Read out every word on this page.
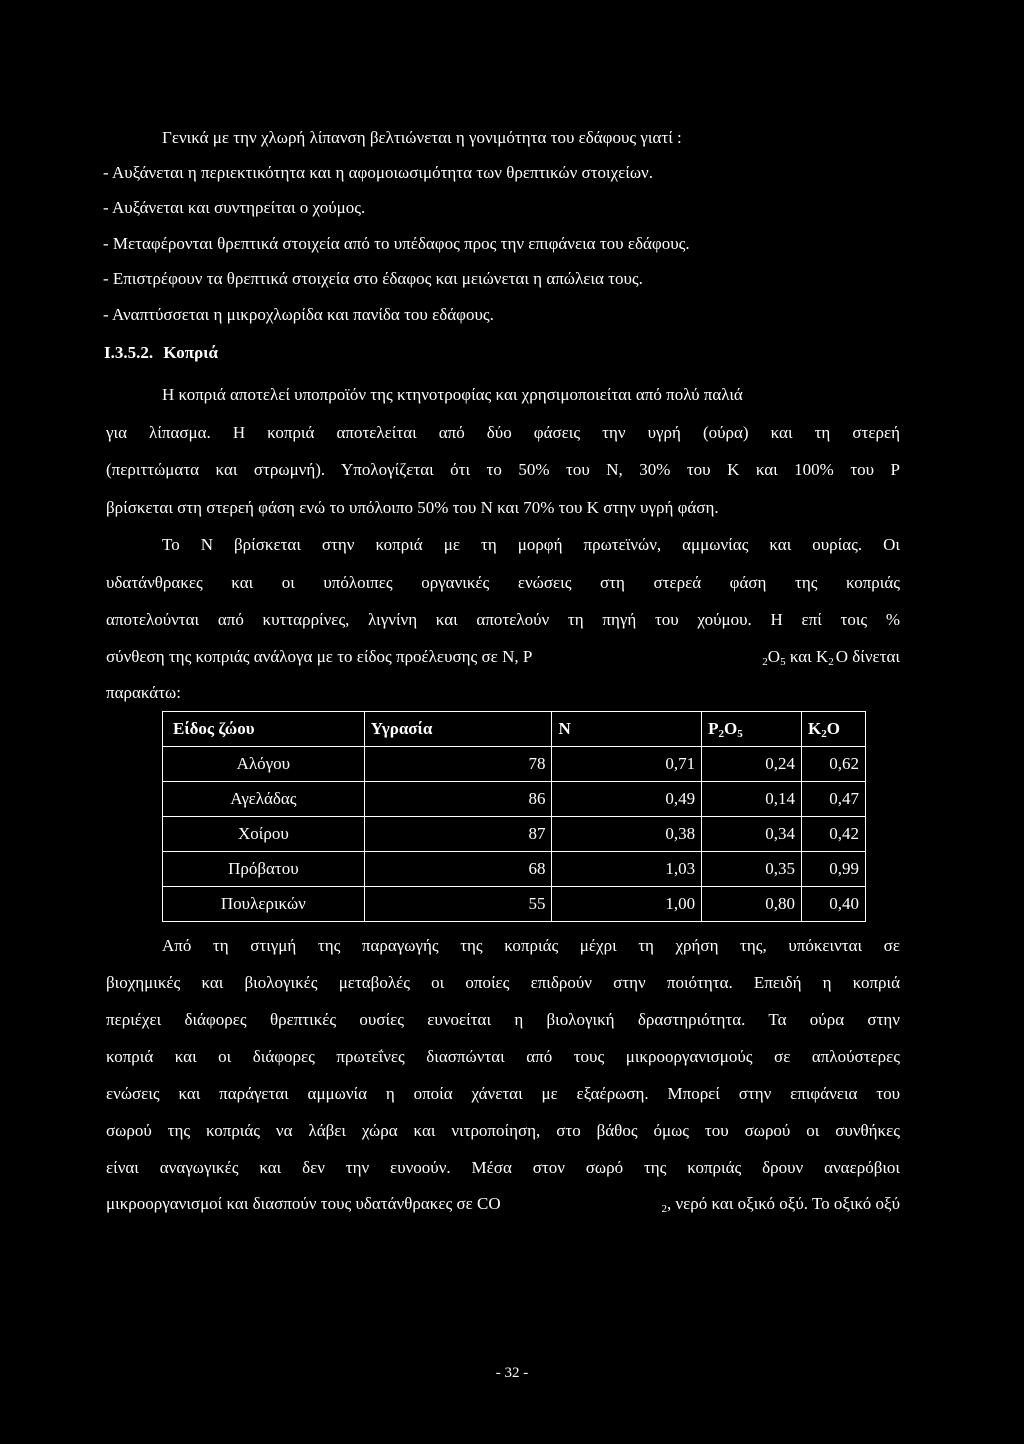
Γενικά με την χλωρή λίπανση βελτιώνεται η γονιμότητα του εδάφους γιατί :
- Αυξάνεται η περιεκτικότητα και η αφομοιωσιμότητα των θρεπτικών στοιχείων.
- Αυξάνεται και συντηρείται ο χούμος.
- Μεταφέρονται θρεπτικά στοιχεία από το υπέδαφος προς την επιφάνεια του εδάφους.
- Επιστρέφουν τα θρεπτικά στοιχεία στο έδαφος και μειώνεται η απώλεια τους.
- Αναπτύσσεται η μικροχλωρίδα και πανίδα του εδάφους.
Ι.3.5.2. Κοπριά
Η κοπριά αποτελεί υποπροϊόν της κτηνοτροφίας και χρησιμοποιείται από πολύ παλιά
για λίπασμα. Η κοπριά αποτελείται από δύο φάσεις την υγρή (ούρα) και τη στερεή
(περιττώματα και στρωμνή). Υπολογίζεται ότι το 50% του Ν, 30% του Κ και 100% του Ρ
βρίσκεται στη στερεή φάση ενώ το υπόλοιπο 50% του Ν και 70% του Κ στην υγρή φάση.
Το Ν βρίσκεται στην κοπριά με τη μορφή πρωτεϊνών, αμμωνίας και ουρίας. Οι
υδατάνθρακες και οι υπόλοιπες οργανικές ενώσεις στη στερεά φάση της κοπριάς
αποτελούνται από κυτταρρίνες, λιγνίνη και αποτελούν τη πηγή του χούμου. Η επί τοις %
σύνθεση της κοπριάς ανάλογα με το είδος προέλευσης σε Ν, Ρ	$_2O_5$ και $K_2$ Ο δίνεται
παρακάτω:
Είδος ζώου	Υγρασία	Ν	$P_2O_5$	$K_2O$
Αλόγου	78	0,71	0,24	0,62
Αγελάδας	86	0,49	0,14	0,47
Χοίρου	87	0,38	0,34	0,42
Πρόβατου	68	1,03	0,35	0,99
Πουλερικών	55	1,00	0,80	0,40
Από τη στιγμή της παραγωγής της κοπριάς μέχρι τη χρήση της, υπόκεινται σε
βιοχημικές και βιολογικές μεταβολές οι οποίες επιδρούν στην ποιότητα. Επειδή η κοπριά
περιέχει διάφορες θρεπτικές ουσίες ευνοείται η βιολογική δραστηριότητα. Τα ούρα στην
κοπριά και οι διάφορες πρωτεΐνες διασπώνται από τους μικροοργανισμούς σε απλούστερες
ενώσεις και παράγεται αμμωνία η οποία χάνεται με εξαέρωση. Μπορεί στην επιφάνεια του
σωρού της κοπριάς να λάβει χώρα και νιτροποίηση, στο βάθος όμως του σωρού οι συνθήκες
είναι αναγωγικές και δεν την ευνοούν. Μέσα στον σωρό της κοπριάς δρουν αναερόβιοι
μικροοργανισμοί και διασπούν τους υδατάνθρακες σε CO	$_2$, νερό και οξικό οξύ. Το οξικό οξύ
- 32 -
